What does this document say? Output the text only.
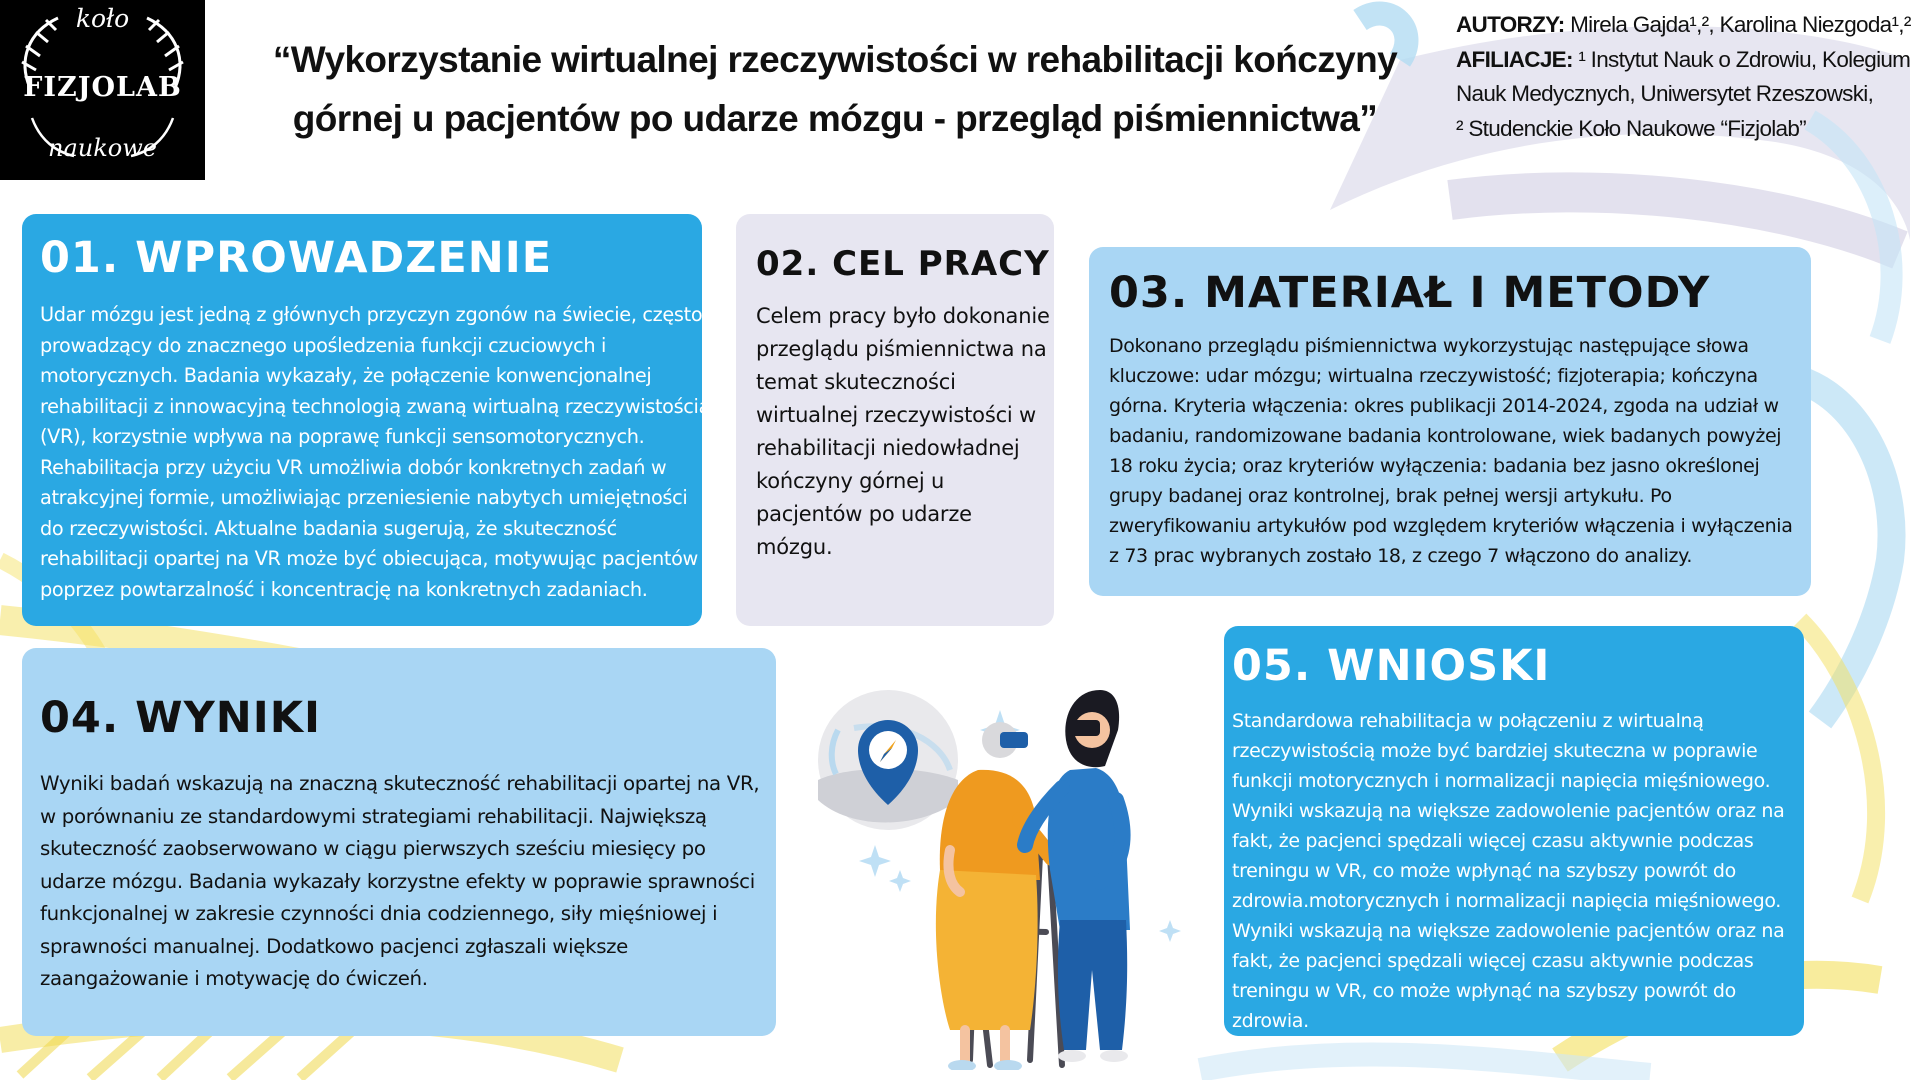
koło
FIZJOLAB
naukowe
“Wykorzystanie wirtualnej rzeczywistości w rehabilitacji kończyny
górnej u pacjentów po udarze mózgu - przegląd piśmiennictwa”
AUTORZY: Mirela Gajda¹,², Karolina Niezgoda¹,²
AFILIACJE: ¹ Instytut Nauk o Zdrowiu, Kolegium Nauk Medycznych, Uniwersytet Rzeszowski,
² Studenckie Koło Naukowe “Fizjolab”
01. WPROWADZENIE

Udar mózgu jest jedną z głównych przyczyn zgonów na świecie, często prowadzący do znacznego upośledzenia funkcji czuciowych i motorycznych. Badania wykazały, że połączenie konwencjonalnej rehabilitacji z innowacyjną technologią zwaną wirtualną rzeczywistością (VR), korzystnie wpływa na poprawę funkcji sensomotorycznych. Rehabilitacja przy użyciu VR umożliwia dobór konkretnych zadań w atrakcyjnej formie, umożliwiając przeniesienie nabytych umiejętności do rzeczywistości. Aktualne badania sugerują, że skuteczność rehabilitacji opartej na VR może być obiecująca, motywując pacjentów poprzez powtarzalność i koncentrację na konkretnych zadaniach.

02. CEL PRACY

Celem pracy było dokonanie przeglądu piśmiennictwa na temat skuteczności wirtualnej rzeczywistości w rehabilitacji niedowładnej kończyny górnej u pacjentów po udarze mózgu.

03. MATERIAŁ I METODY

Dokonano przeglądu piśmiennictwa wykorzystując następujące słowa kluczowe: udar mózgu; wirtualna rzeczywistość; fizjoterapia; kończyna górna. Kryteria włączenia: okres publikacji 2014-2024, zgoda na udział w badaniu, randomizowane badania kontrolowane, wiek badanych powyżej 18 roku życia; oraz kryteriów wyłączenia: badania bez jasno określonej grupy badanej oraz kontrolnej, brak pełnej wersji artykułu. Po zweryfikowaniu artykułów pod względem kryteriów włączenia i wyłączenia z 73 prac wybranych zostało 18, z czego 7 włączono do analizy.

04. WYNIKI

Wyniki badań wskazują na znaczną skuteczność rehabilitacji opartej na VR, w porównaniu ze standardowymi strategiami rehabilitacji. Największą skuteczność zaobserwowano w ciągu pierwszych sześciu miesięcy po udarze mózgu. Badania wykazały korzystne efekty w poprawie sprawności funkcjonalnej w zakresie czynności dnia codziennego, siły mięśniowej i sprawności manualnej. Dodatkowo pacjenci zgłaszali większe zaangażowanie i motywację do ćwiczeń.

05. WNIOSKI

Standardowa rehabilitacja w połączeniu z wirtualną rzeczywistością może być bardziej skuteczna w poprawie funkcji motorycznych i normalizacji napięcia mięśniowego. Wyniki wskazują na większe zadowolenie pacjentów oraz na fakt, że pacjenci spędzali więcej czasu aktywnie podczas treningu w VR, co może wpłynąć na szybszy powrót do zdrowia.motorycznych i normalizacji napięcia mięśniowego. Wyniki wskazują na większe zadowolenie pacjentów oraz na fakt, że pacjenci spędzali więcej czasu aktywnie podczas treningu w VR, co może wpłynąć na szybszy powrót do zdrowia.
